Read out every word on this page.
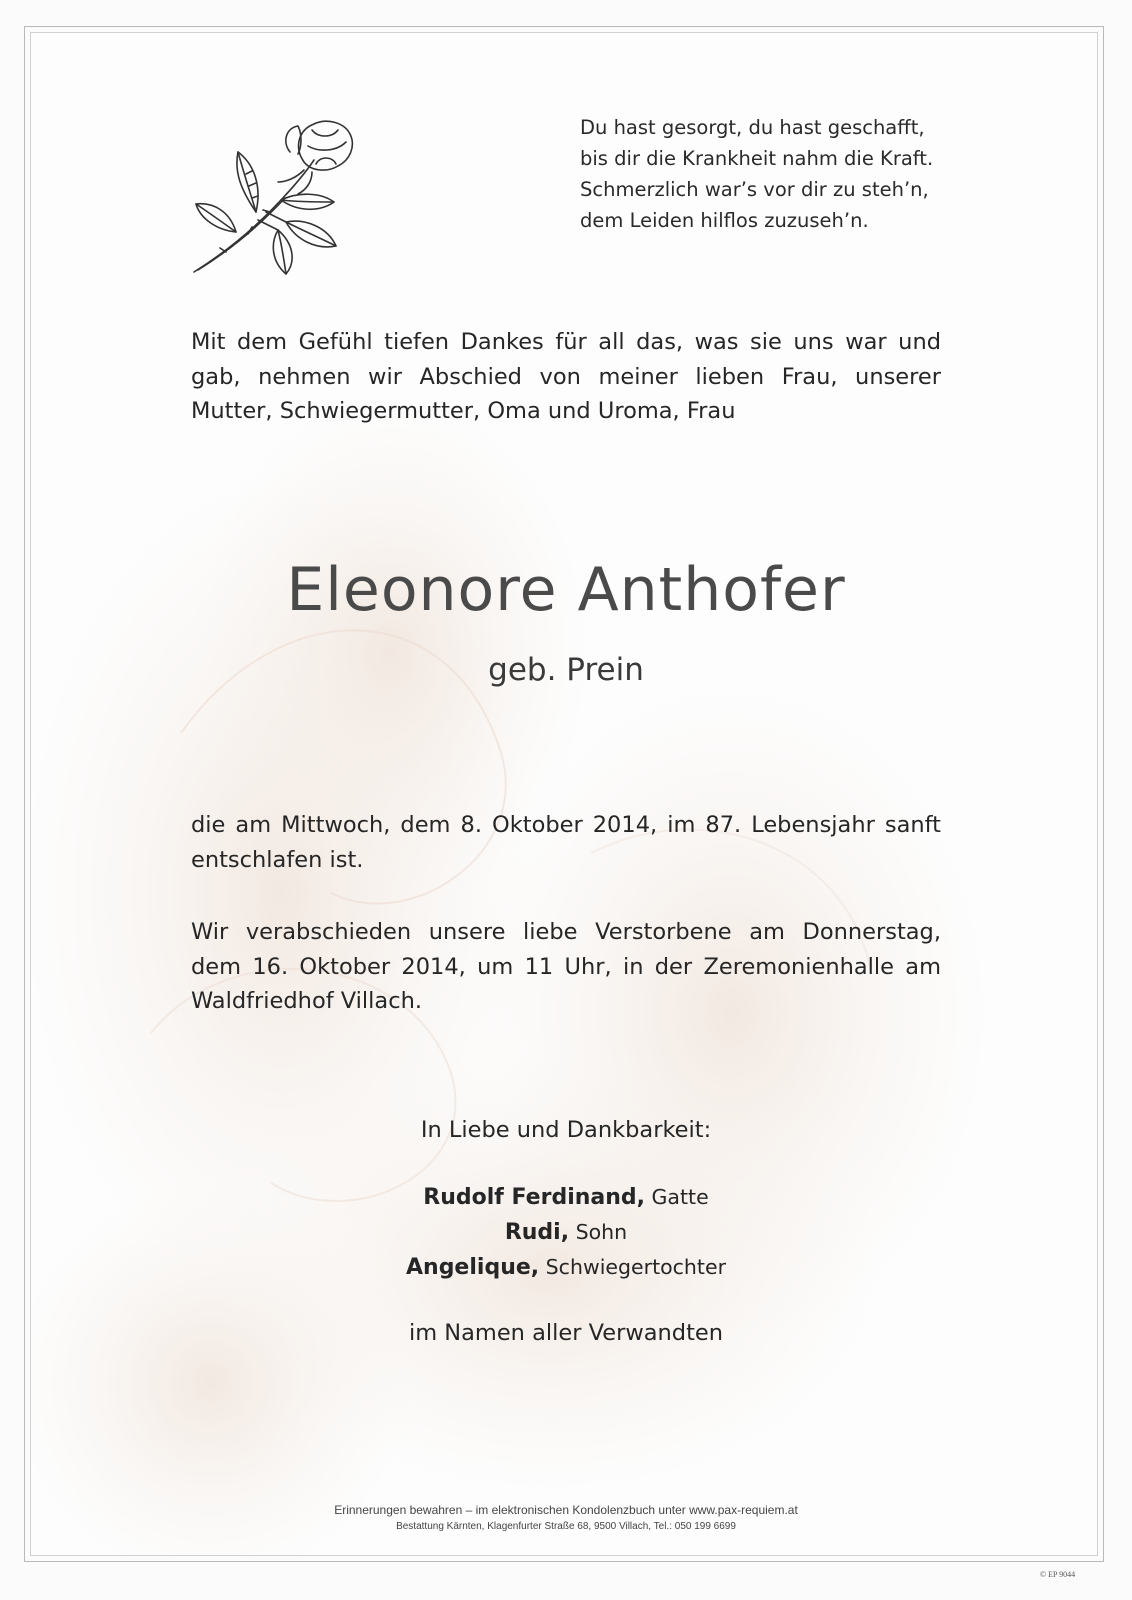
Du hast gesorgt, du hast geschafft,
bis dir die Krankheit nahm die Kraft.
Schmerzlich war’s vor dir zu steh’n,
dem Leiden hilflos zuzuseh’n.
Mit dem Gefühl tiefen Dankes für all das, was sie uns war und
gab, nehmen wir Abschied von meiner lieben Frau, unserer
Mutter, Schwiegermutter, Oma und Uroma, Frau
Eleonore Anthofer
geb. Prein
die am Mittwoch, dem 8. Oktober 2014, im 87. Lebensjahr sanft
entschlafen ist.
Wir verabschieden unsere liebe Verstorbene am Donnerstag,
dem 16. Oktober 2014, um 11 Uhr, in der Zeremonienhalle am
Waldfriedhof Villach.
In Liebe und Dankbarkeit:
Rudolf Ferdinand, Gatte
Rudi, Sohn
Angelique, Schwiegertochter
im Namen aller Verwandten
Erinnerungen bewahren – im elektronischen Kondolenzbuch unter www.pax-requiem.at
Bestattung Kärnten, Klagenfurter Straße 68, 9500 Villach, Tel.: 050 199 6699
© EP 9044
